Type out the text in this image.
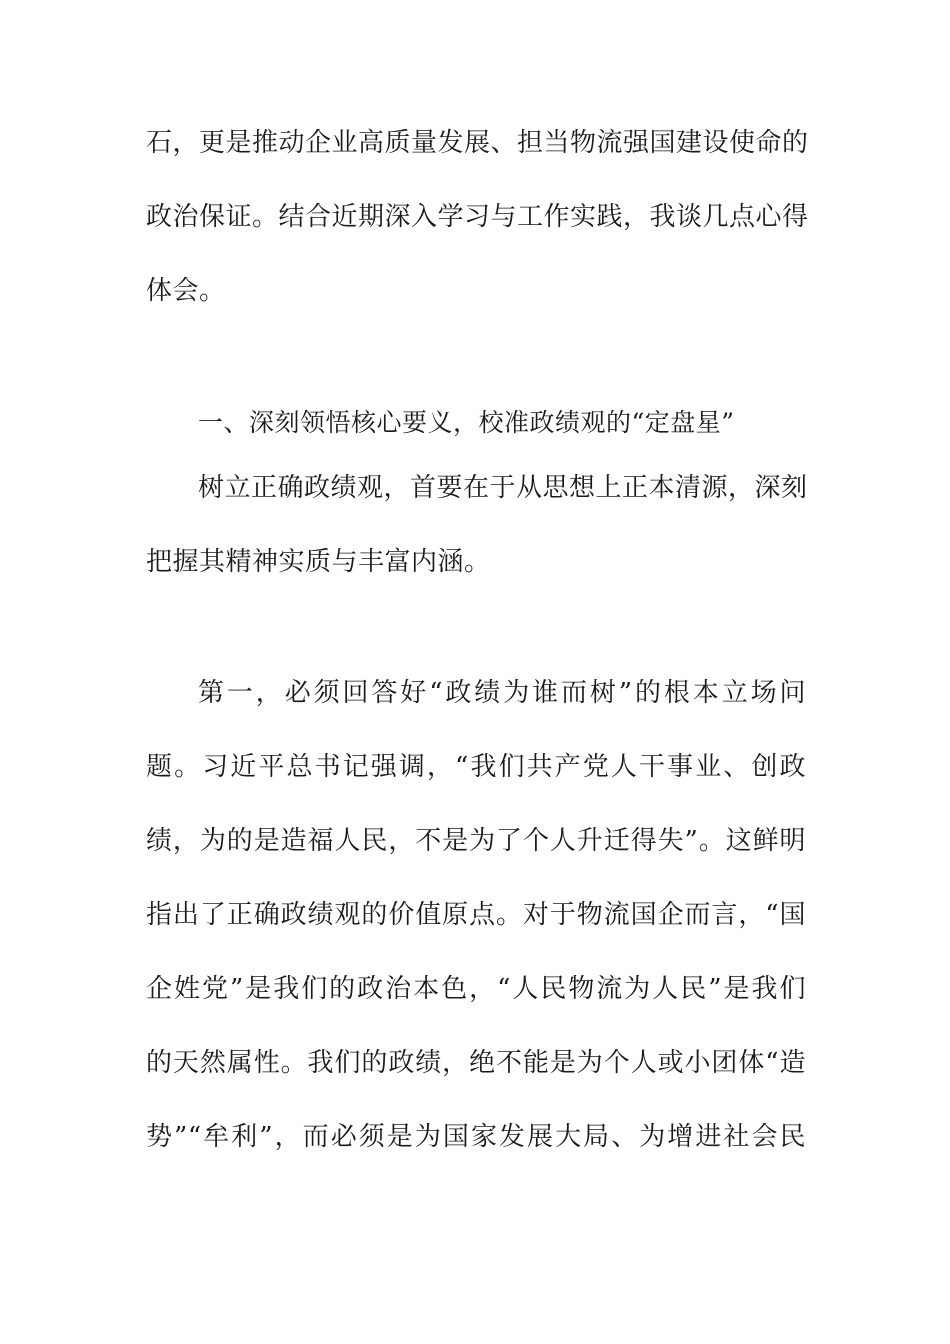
石，更是推动企业高质量发展、担当物流强国建设使命的
政治保证。结合近期深入学习与工作实践，我谈几点心得
体会。
一、深刻领悟核心要义，校准政绩观的“定盘星”
树立正确政绩观，首要在于从思想上正本清源，深刻
把握其精神实质与丰富内涵。
第一，必须回答好“政绩为谁而树”的根本立场问
题。习近平总书记强调，“我们共产党人干事业、创政
绩，为的是造福人民，不是为了个人升迁得失”。这鲜明
指出了正确政绩观的价值原点。对于物流国企而言，“国
企姓党”是我们的政治本色，“人民物流为人民”是我们
的天然属性。我们的政绩，绝不能是为个人或小团体“造
势”“牟利”，而必须是为国家发展大局、为增进社会民
